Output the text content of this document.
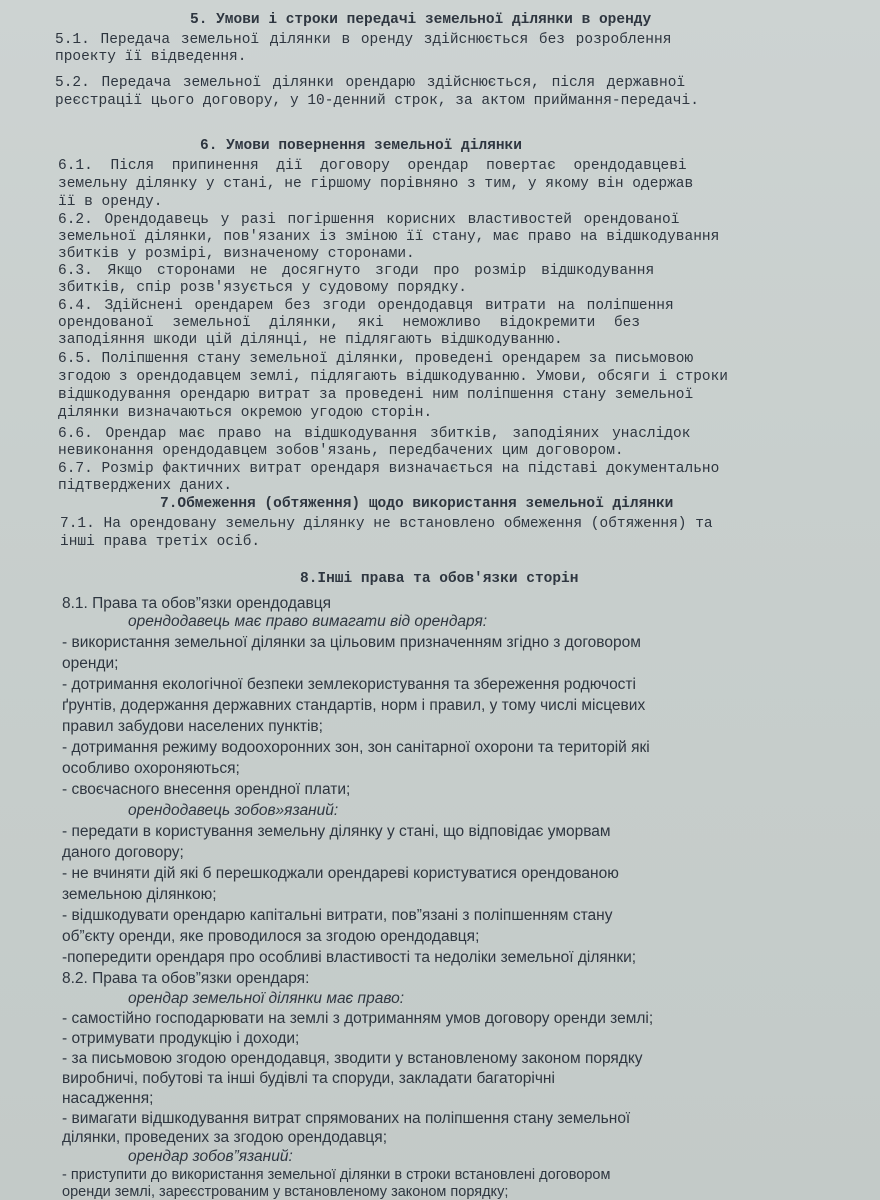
5. Умови і строки передачі земельної ділянки в оренду
5.1. Передача земельної ділянки в оренду здійснюється без розроблення
проекту її відведення.
5.2. Передача земельної ділянки орендарю здійснюється, після державної
реєстрації цього договору, у 10-денний строк, за актом приймання-передачі.
6. Умови повернення земельної ділянки
6.1. Після припинення дії договору орендар повертає орендодавцеві
земельну ділянку у стані, не гіршому порівняно з тим, у якому він одержав
її в оренду.
6.2. Орендодавець у разі погіршення корисних властивостей орендованої
земельної ділянки, пов'язаних із зміною її стану, має право на відшкодування
збитків у розмірі, визначеному сторонами.
6.3. Якщо сторонами не досягнуто згоди про розмір відшкодування
збитків, спір розв'язується у судовому порядку.
6.4. Здійснені орендарем без згоди орендодавця витрати на поліпшення
орендованої земельної ділянки, які неможливо відокремити без
заподіяння шкоди цій ділянці, не підлягають відшкодуванню.
6.5. Поліпшення стану земельної ділянки, проведені орендарем за письмовою
згодою з орендодавцем землі, підлягають відшкодуванню. Умови, обсяги і строки
відшкодування орендарю витрат за проведені ним поліпшення стану земельної
ділянки визначаються окремою угодою сторін.
6.6. Орендар має право на відшкодування збитків, заподіяних унаслідок
невиконання орендодавцем зобов'язань, передбачених цим договором.
6.7. Розмір фактичних витрат орендаря визначається на підставі документально
підтверджених даних.
7.Обмеження (обтяження) щодо використання земельної ділянки
7.1. На орендовану земельну ділянку не встановлено обмеження (обтяження) та
інші права третіх осіб.
8.Інші права та обов'язки сторін
8.1. Права та обов”язки орендодавця
орендодавець має право вимагати від орендаря:
- використання земельної ділянки за цільовим призначенням згідно з договором
оренди;
- дотримання екологічної безпеки землекористування та збереження родючості
ґрунтів, додержання державних стандартів, норм і правил, у тому числі місцевих
правил забудови населених пунктів;
- дотримання режиму водоохоронних зон, зон санітарної охорони та територій які
особливо охороняються;
- своєчасного внесення орендної плати;
орендодавець зобов»язаний:
- передати в користування земельну ділянку у стані, що відповідає уморвам
даного договору;
- не вчиняти дій які б перешкоджали орендареві користуватися орендованою
земельною ділянкою;
- відшкодувати орендарю капітальні витрати, пов”язані з поліпшенням стану
об”єкту оренди, яке проводилося за згодою орендодавця;
-попередити орендаря про особливі властивості та недоліки земельної ділянки;
8.2. Права та обов”язки орендаря:
орендар земельної ділянки має право:
- самостійно господарювати на землі з дотриманням умов договору оренди землі;
- отримувати продукцію і доходи;
- за письмовою згодою орендодавця, зводити у встановленому законом порядку
виробничі, побутові та інші будівлі та споруди, закладати багаторічні
насадження;
- вимагати відшкодування витрат спрямованих на поліпшення стану земельної
ділянки, проведених за згодою орендодавця;
орендар зобов”язаний:
- приступити до використання земельної ділянки в строки встановлені договором
оренди землі, зареєстрованим у встановленому законом порядку;
